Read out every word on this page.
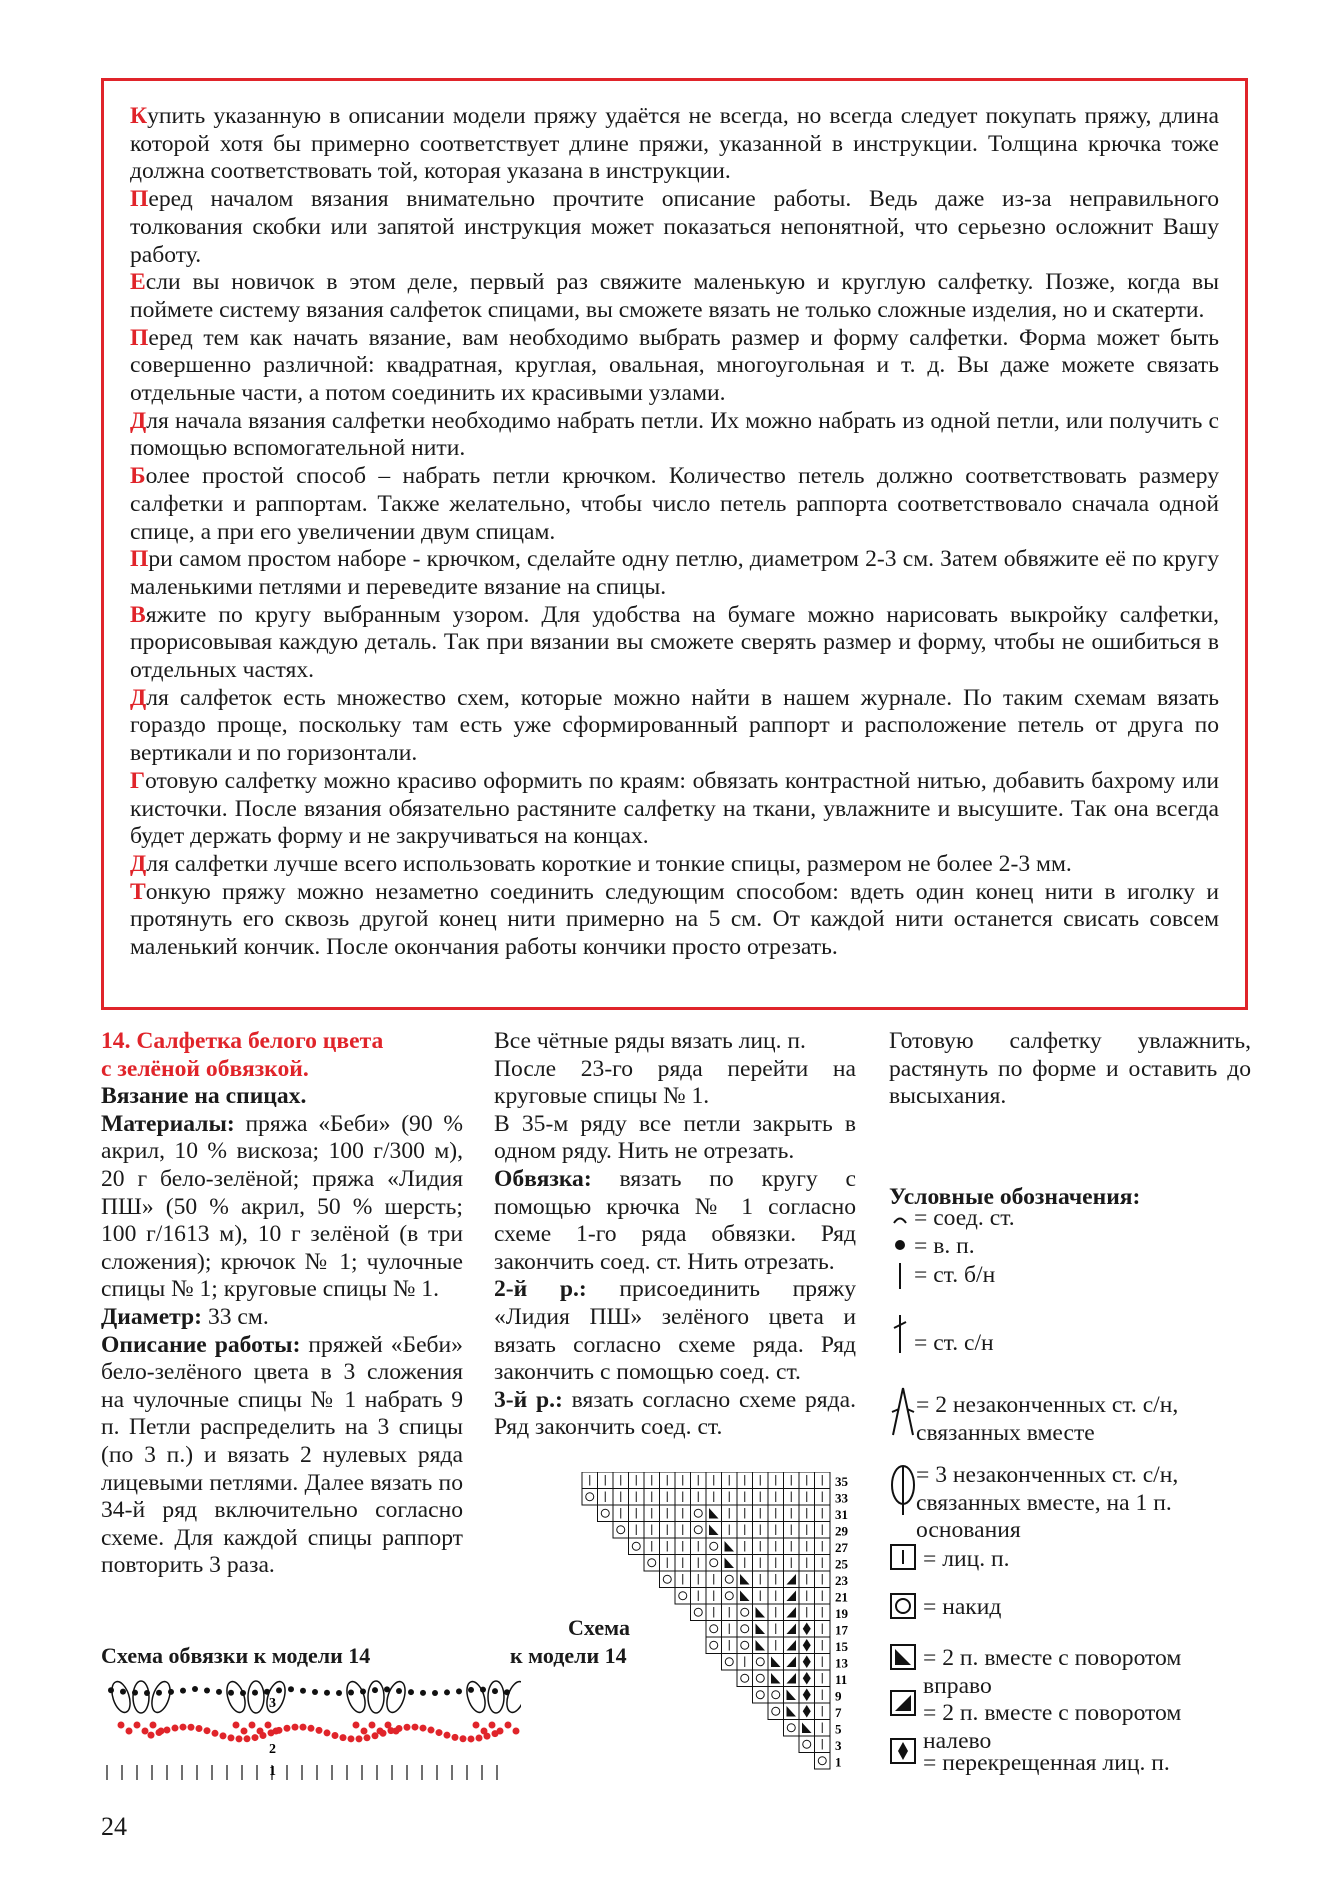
Купить указанную в описании модели пряжу удаётся не всегда, но всегда следует покупать пряжу, длина которой хотя бы примерно соответствует длине пряжи, указанной в инструкции. Толщина крючка тоже должна соответствовать той, которая указана в инструкции.

Перед началом вязания внимательно прочтите описание работы. Ведь даже из-за неправильного толкования скобки или запятой инструкция может показаться непонятной, что серьезно осложнит Вашу работу.

Если вы новичок в этом деле, первый раз свяжите маленькую и круглую салфетку. Позже, когда вы поймете систему вязания салфеток спицами, вы сможете вязать не только сложные изделия, но и скатерти.

Перед тем как начать вязание, вам необходимо выбрать размер и форму салфетки. Форма может быть совершенно различной: квадратная, круглая, овальная, многоугольная и т. д. Вы даже можете связать отдельные части, а потом соединить их красивыми узлами.

Для начала вязания салфетки необходимо набрать петли. Их можно набрать из одной петли, или получить с помощью вспомогательной нити.

Более простой способ – набрать петли крючком. Количество петель должно соответствовать размеру салфетки и раппортам. Также желательно, чтобы число петель раппорта соответствовало сначала одной спице, а при его увеличении двум спицам.

При самом простом наборе - крючком, сделайте одну петлю, диаметром 2-3 см. Затем обвяжите её по кругу маленькими петлями и переведите вязание на спицы.

Вяжите по кругу выбранным узором. Для удобства на бумаге можно нарисовать выкройку салфетки, прорисовывая каждую деталь. Так при вязании вы сможете сверять размер и форму, чтобы не ошибиться в отдельных частях.

Для салфеток есть множество схем, которые можно найти в нашем журнале. По таким схемам вязать гораздо проще, поскольку там есть уже сформированный раппорт и расположение петель от друга по вертикали и по горизонтали.

Готовую салфетку можно красиво оформить по краям: обвязать контрастной нитью, добавить бахрому или кисточки. После вязания обязательно растяните салфетку на ткани, увлажните и высушите. Так она всегда будет держать форму и не закручиваться на концах.

Для салфетки лучше всего использовать короткие и тонкие спицы, размером не более 2-3 мм.

Тонкую пряжу можно незаметно соединить следующим способом: вдеть один конец нити в иголку и протянуть его сквозь другой конец нити примерно на 5 см. От каждой нити останется свисать совсем маленький кончик. После окончания работы кончики просто отрезать.

14. Салфетка белого цвета

с зелёной обвязкой.

Вязание на спицах.

Материалы: пряжа «Беби» (90 % акрил, 10 % вискоза; 100 г/300 м), 20 г бело-зелёной; пряжа «Лидия ПШ» (50 % акрил, 50 % шерсть; 100 г/1613 м), 10 г зелёной (в три сложения); крючок № 1; чулочные спицы № 1; круговые спицы № 1.

Диаметр: 33 см.

Описание работы: пряжей «Беби» бело-зелёного цвета в 3 сложения на чулочные спицы № 1 набрать 9 п. Петли распределить на 3 спицы (по 3 п.) и вязать 2 нулевых ряда лицевыми петлями. Далее вязать по 34-й ряд включительно согласно схеме. Для каждой спицы раппорт повторить 3 раза.

Все чётные ряды вязать лиц. п.

После 23-го ряда перейти на круговые спицы № 1.

В 35-м ряду все петли закрыть в одном ряду. Нить не отрезать.

Обвязка: вязать по кругу с помощью крючка № 1 согласно схеме 1-го ряда обвязки. Ряд закончить соед. ст. Нить отрезать.

2-й р.: присоединить пряжу «Лидия ПШ» зелёного цвета и вязать согласно схеме ряда. Ряд закончить с помощью соед. ст.

3-й р.: вязать согласно схеме ряда. Ряд закончить соед. ст.

Готовую салфетку увлажнить, растянуть по форме и оставить до высыхания.

Условные обозначения:
= соед. ст.
= в. п.
= ст. б/н
= ст. с/н
= 2 незаконченных ст. с/н, связанных вместе
= 3 незаконченных ст. с/н, связанных вместе, на 1 п. основания
= лиц. п.
= накид
= 2 п. вместе с поворотом вправо
= 2 п. вместе с поворотом налево
= перекрещенная лиц. п.
35
33
31
29
27
25
23
21
19
17
15
13
11
9
7
5
3
1
Схема
к модели 14
Схема обвязки к модели 14
3
2
1
24
